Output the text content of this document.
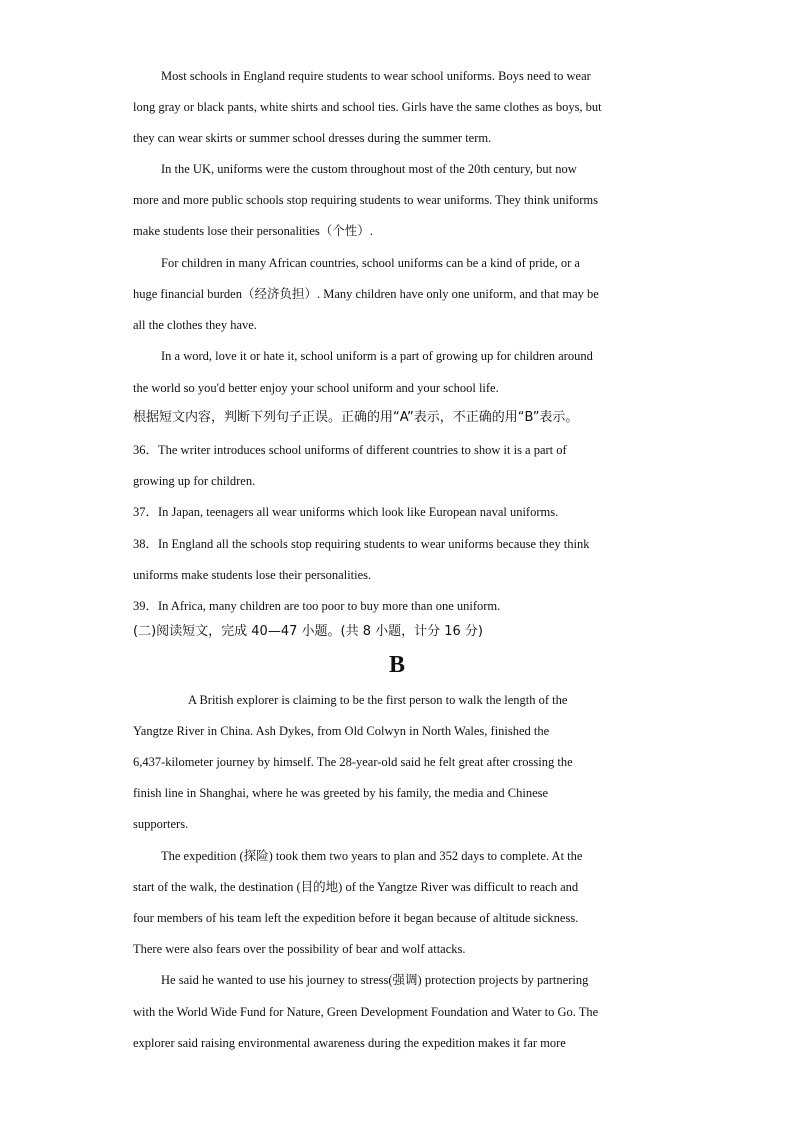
Most schools in England require students to wear school uniforms. Boys need to wear
long gray or black pants, white shirts and school ties. Girls have the same clothes as boys, but
they can wear skirts or summer school dresses during the summer term.
In the UK, uniforms were the custom throughout most of the 20th century, but now
more and more public schools stop requiring students to wear uniforms. They think uniforms
make students lose their personalities（个性）.
For children in many African countries, school uniforms can be a kind of pride, or a
huge financial burden（经济负担）. Many children have only one uniform, and that may be
all the clothes they have.
In a word, love it or hate it, school uniform is a part of growing up for children around
the world so you'd better enjoy your school uniform and your school life.
根据短文内容，判断下列句子正误。正确的用“A”表示，不正确的用“B”表示。
36．The writer introduces school uniforms of different countries to show it is a part of
growing up for children.
37．In Japan, teenagers all wear uniforms which look like European naval uniforms.
38．In England all the schools stop requiring students to wear uniforms because they think
uniforms make students lose their personalities.
39．In Africa, many children are too poor to buy more than one uniform.
(二)阅读短文，完成 40—47 小题。(共 8 小题，计分 16 分)
B
A British explorer is claiming to be the first person to walk the length of the
Yangtze River in China. Ash Dykes, from Old Colwyn in North Wales, finished the
6,437-kilometer journey by himself. The 28-year-old said he felt great after crossing the
finish line in Shanghai, where he was greeted by his family, the media and Chinese
supporters.
The expedition (探险) took them two years to plan and 352 days to complete. At the
start of the walk, the destination (目的地) of the Yangtze River was difficult to reach and
four members of his team left the expedition before it began because of altitude sickness.
There were also fears over the possibility of bear and wolf attacks.
He said he wanted to use his journey to stress(强调) protection projects by partnering
with the World Wide Fund for Nature, Green Development Foundation and Water to Go. The
explorer said raising environmental awareness during the expedition makes it far more
